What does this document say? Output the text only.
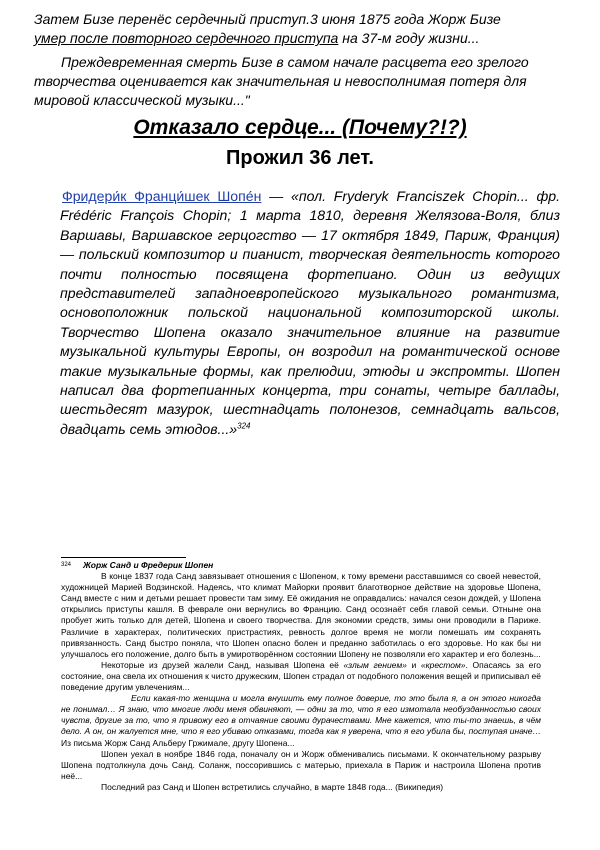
Затем Бизе перенёс сердечный приступ.3 июня 1875 года Жорж Бизе
умер после повторного сердечного приступа на 37-м году жизни...

Преждевременная смерть Бизе в самом начале расцвета его зрелого творчества оценивается как значительная и невосполнимая потеря для мировой классической музыки..."

Отказало сердце... (Почему?!?)
Прожил 36 лет.

Фридери́к Франци́шек Шопе́н — «пол. Fryderyk Franciszek Chopin... фр. Frédéric François Chopin; 1 марта 1810, деревня Желязова-Воля, близ Варшавы, Варшавское герцогство — 17 октября 1849, Париж, Франция) — польский композитор и пианист, творческая деятельность которого почти полностью посвящена фортепиано. Один из ведущих представителей западноевропейского музыкального романтизма, основоположник польской национальной композиторской школы. Творчество Шопена оказало значительное влияние на развитие музыкальной культуры Европы, он возродил на романтической основе такие музыкальные формы, как прелюдии, этюды и экспромты. Шопен написал два фортепианных концерта, три сонаты, четыре баллады, шестьдесят мазурок, шестнадцать полонезов, семнадцать вальсов, двадцать семь этюдов...»$^{324}$

$^{324}$ Жорж Санд и Фредерик Шопен

В конце 1837 года Санд завязывает отношения с Шопеном, к тому времени расставшимся со своей невестой, художницей Марией Водзинской. Надеясь, что климат Майорки проявит благотворное действие на здоровье Шопена, Санд вместе с ним и детьми решает провести там зиму. Её ожидания не оправдались: начался сезон дождей, у Шопена открылись приступы кашля. В феврале они вернулись во Францию. Санд осознаёт себя главой семьи. Отныне она пробует жить только для детей, Шопена и своего творчества. Для экономии средств, зимы они проводили в Париже. Различие в характерах, политических пристрастиях, ревность долгое время не могли помешать им сохранять привязанность. Санд быстро поняла, что Шопен опасно болен и преданно заботилась о его здоровье. Но как бы ни улучшалось его положение, долго быть в умиротворённом состоянии Шопену не позволяли его характер и его болезнь...

Некоторые из друзей жалели Санд, называя Шопена её «злым гением» и «крестом». Опасаясь за его состояние, она свела их отношения к чисто дружеским, Шопен страдал от подобного положения вещей и приписывал её поведение другим увлечениям...

Если какая-то женщина и могла внушить ему полное доверие, то это была я, а он этого никогда не понимал… Я знаю, что многие люди меня обвиняют, — одни за то, что я его измотала необузданностью своих чувств, другие за то, что я привожу его в отчаяние своими дурачествами. Мне кажется, что ты-то знаешь, в чём дело. А он, он жалуется мне, что я его убиваю отказами, тогда как я уверена, что я его убила бы, поступая иначе… Из письма Жорж Санд Альберу Гржимале, другу Шопена...

Шопен уехал в ноябре 1846 года, поначалу он и Жорж обменивались письмами. К окончательному разрыву Шопена подтолкнула дочь Санд. Соланж, поссорившись с матерью, приехала в Париж и настроила Шопена против неё...

Последний раз Санд и Шопен встретились случайно, в марте 1848 года... (Википедия)
